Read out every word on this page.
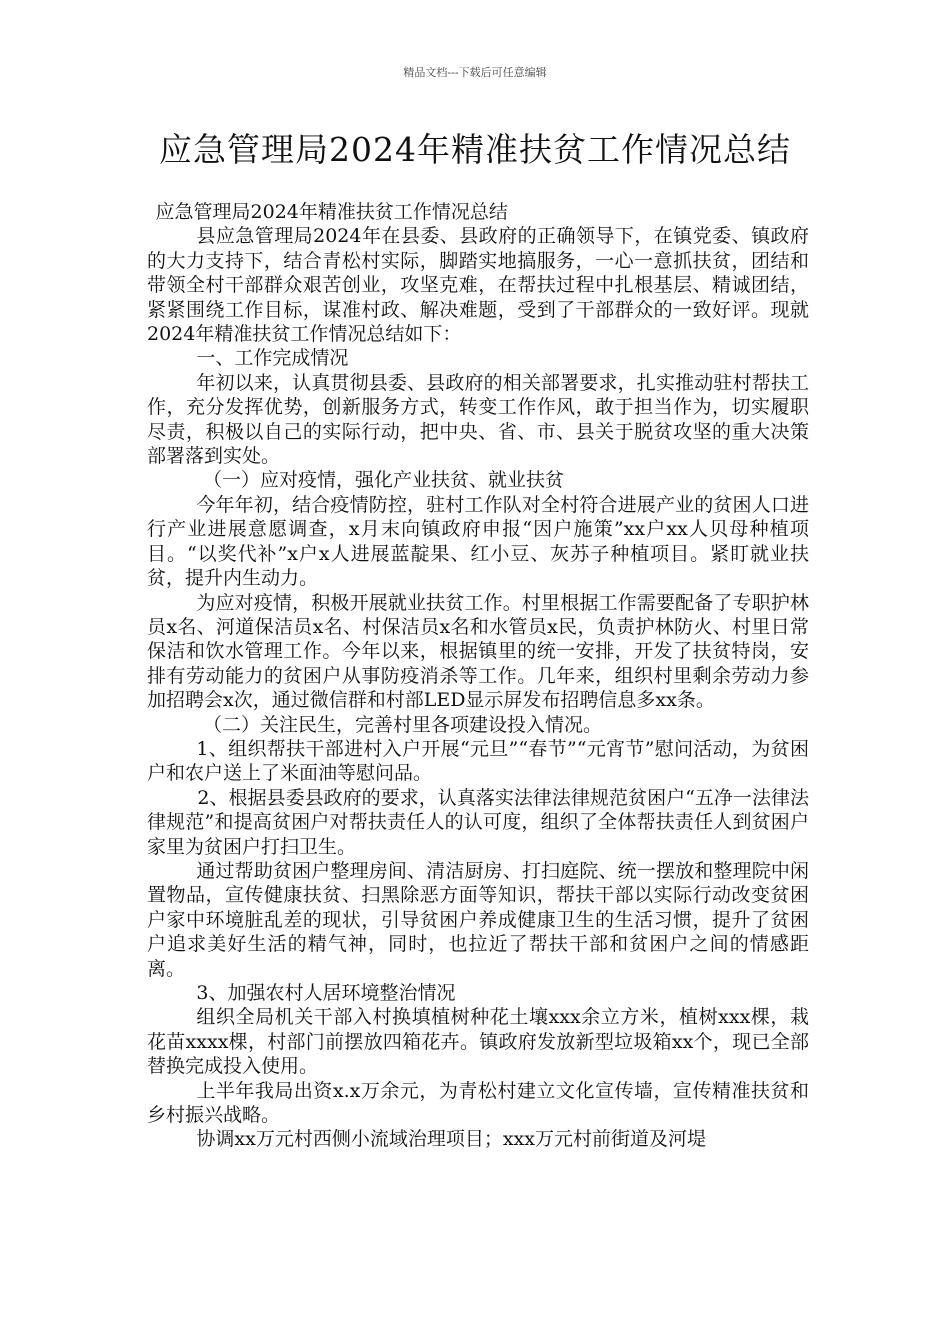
精品文档---下载后可任意编辑
应急管理局2024年精准扶贫工作情况总结

应急管理局2024年精准扶贫工作情况总结

县应急管理局2024年在县委、县政府的正确领导下，在镇党委、镇政府的大力支持下，结合青松村实际，脚踏实地搞服务，一心一意抓扶贫，团结和带领全村干部群众艰苦创业，攻坚克难，在帮扶过程中扎根基层、精诚团结，紧紧围绕工作目标，谋准村政、解决难题，受到了干部群众的一致好评。现就2024年精准扶贫工作情况总结如下：

一、工作完成情况

年初以来，认真贯彻县委、县政府的相关部署要求，扎实推动驻村帮扶工作，充分发挥优势，创新服务方式，转变工作作风，敢于担当作为，切实履职尽责，积极以自己的实际行动，把中央、省、市、县关于脱贫攻坚的重大决策部署落到实处。

（一）应对疫情，强化产业扶贫、就业扶贫

今年年初，结合疫情防控，驻村工作队对全村符合进展产业的贫困人口进行产业进展意愿调查，x月末向镇政府申报“因户施策”xx户xx人贝母种植项目。“以奖代补”x户x人进展蓝靛果、红小豆、灰苏子种植项目。紧盯就业扶贫，提升内生动力。

为应对疫情，积极开展就业扶贫工作。村里根据工作需要配备了专职护林员x名、河道保洁员x名、村保洁员x名和水管员x民，负责护林防火、村里日常保洁和饮水管理工作。今年以来，根据镇里的统一安排，开发了扶贫特岗，安排有劳动能力的贫困户从事防疫消杀等工作。几年来，组织村里剩余劳动力参加招聘会x次，通过微信群和村部LED显示屏发布招聘信息多xx条。

（二）关注民生，完善村里各项建设投入情况。

1、组织帮扶干部进村入户开展“元旦”“春节”“元宵节”慰问活动，为贫困户和农户送上了米面油等慰问品。

2、根据县委县政府的要求，认真落实法律法律规范贫困户“五净一法律法律规范”和提高贫困户对帮扶责任人的认可度，组织了全体帮扶责任人到贫困户家里为贫困户打扫卫生。

通过帮助贫困户整理房间、清洁厨房、打扫庭院、统一摆放和整理院中闲置物品，宣传健康扶贫、扫黑除恶方面等知识，帮扶干部以实际行动改变贫困户家中环境脏乱差的现状，引导贫困户养成健康卫生的生活习惯，提升了贫困户追求美好生活的精气神，同时，也拉近了帮扶干部和贫困户之间的情感距离。

3、加强农村人居环境整治情况

组织全局机关干部入村换填植树种花土壤xxx余立方米，植树xxx棵，栽花苗xxxx棵，村部门前摆放四箱花卉。镇政府发放新型垃圾箱xx个，现已全部替换完成投入使用。

上半年我局出资x.x万余元，为青松村建立文化宣传墙，宣传精准扶贫和乡村振兴战略。

协调xx万元村西侧小流域治理项目；xxx万元村前街道及河堤
